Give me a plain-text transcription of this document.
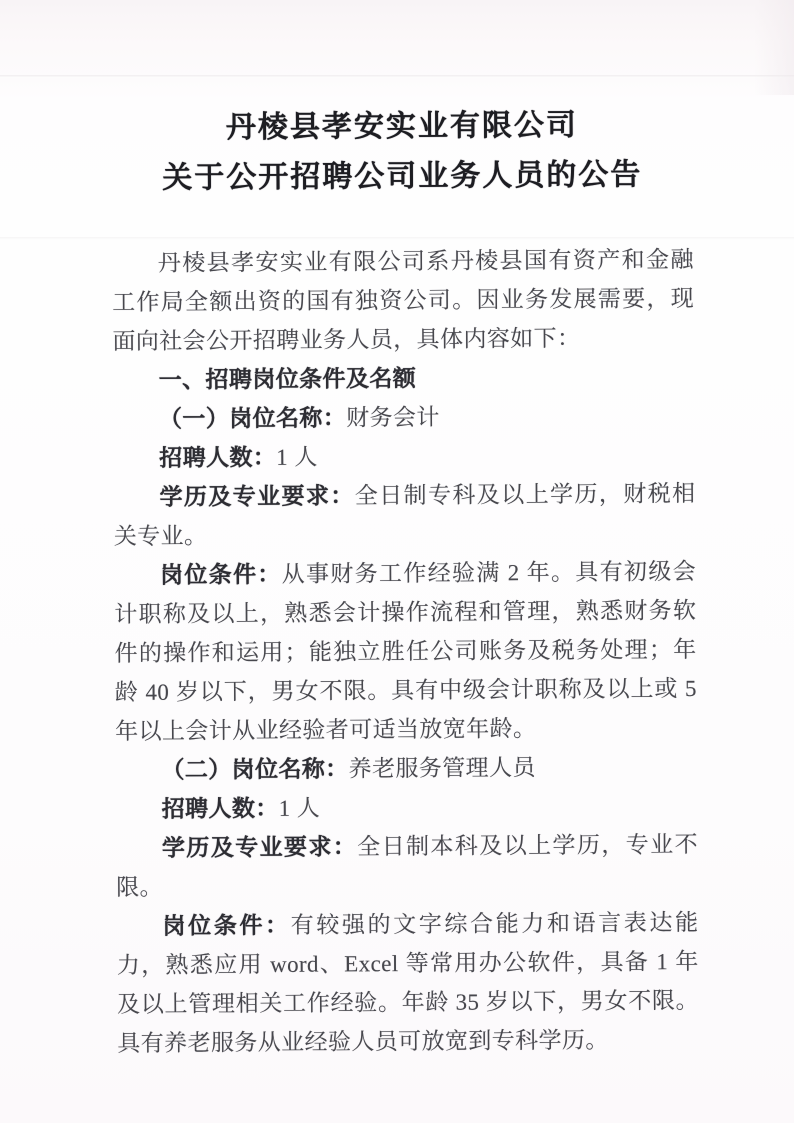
丹棱县孝安实业有限公司
关于公开招聘公司业务人员的公告

丹棱县孝安实业有限公司系丹棱县国有资产和金融工作局全额出资的国有独资公司。因业务发展需要，现面向社会公开招聘业务人员，具体内容如下：

一、招聘岗位条件及名额

（一）岗位名称：财务会计

招聘人数：1 人

学历及专业要求：全日制专科及以上学历，财税相关专业。

岗位条件：从事财务工作经验满 2 年。具有初级会计职称及以上，熟悉会计操作流程和管理，熟悉财务软件的操作和运用；能独立胜任公司账务及税务处理；年龄 40 岁以下，男女不限。具有中级会计职称及以上或 5 年以上会计从业经验者可适当放宽年龄。

（二）岗位名称：养老服务管理人员

招聘人数：1 人

学历及专业要求：全日制本科及以上学历，专业不限。

岗位条件：有较强的文字综合能力和语言表达能力，熟悉应用 word、Excel 等常用办公软件，具备 1 年及以上管理相关工作经验。年龄 35 岁以下，男女不限。具有养老服务从业经验人员可放宽到专科学历。
